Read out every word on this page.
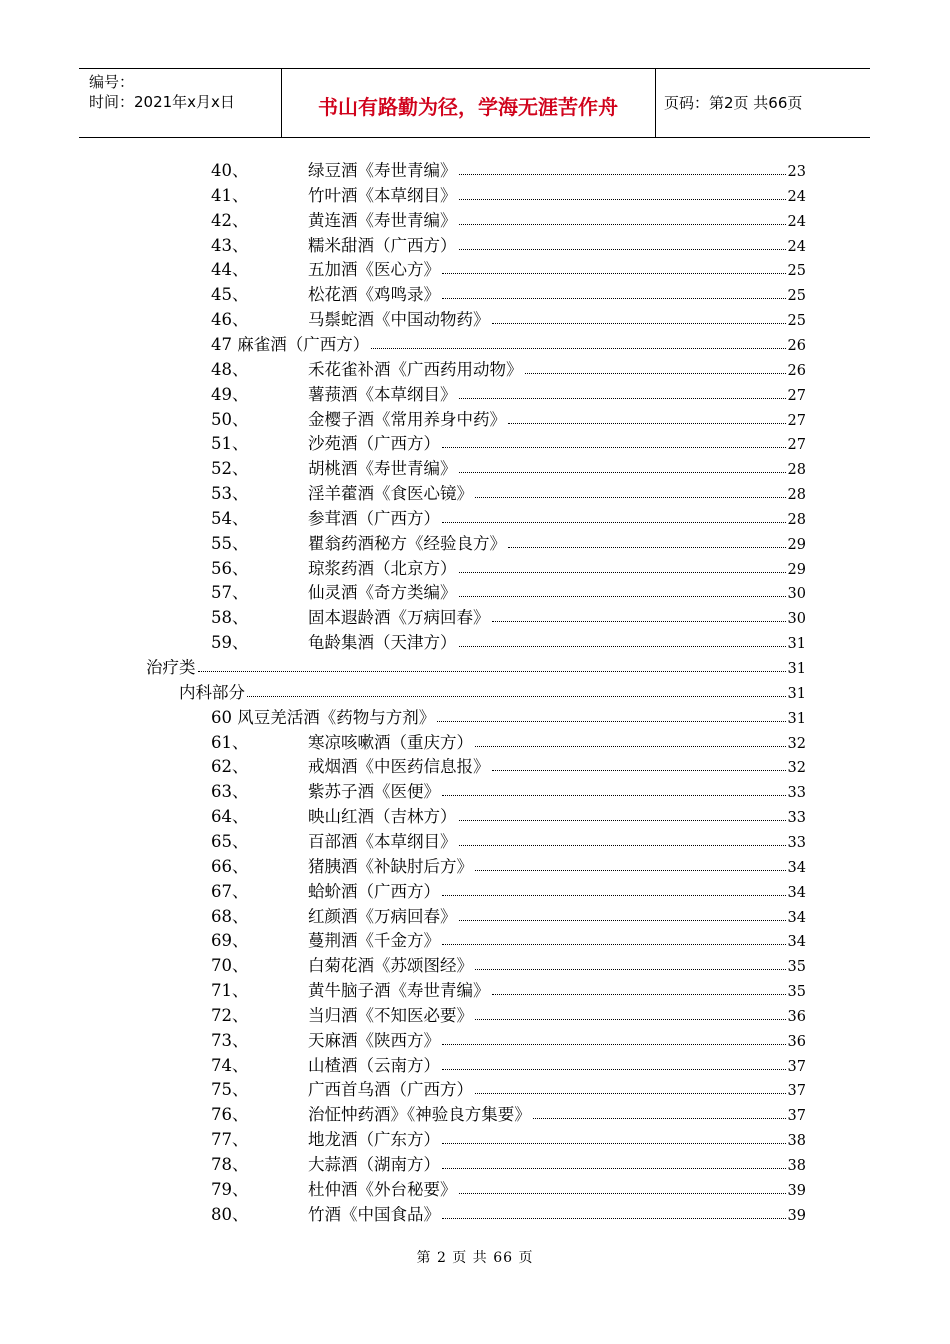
编号：
时间：2021年x月x日	书山有路勤为径，学海无涯苦作舟	页码：第2页 共66页
40、	绿豆酒《寿世青编》	23
41、	竹叶酒《本草纲目》	24
42、	黄连酒《寿世青编》	24
43、	糯米甜酒（广西方）	24
44、	五加酒《医心方》	25
45、	松花酒《鸡鸣录》	25
46、	马鬃蛇酒《中国动物药》	25
47 麻雀酒（广西方）	26
48、	禾花雀补酒《广西药用动物》	26
49、	薯蓣酒《本草纲目》	27
50、	金樱子酒《常用养身中药》	27
51、	沙苑酒（广西方）	27
52、	胡桃酒《寿世青编》	28
53、	淫羊藿酒《食医心镜》	28
54、	参茸酒（广西方）	28
55、	瞿翁药酒秘方《经验良方》	29
56、	琼浆药酒（北京方）	29
57、	仙灵酒《奇方类编》	30
58、	固本遐龄酒《万病回春》	30
59、	龟龄集酒（天津方）	31
治疗类	31
内科部分	31
60 风豆羌活酒《药物与方剂》	31
61、	寒凉咳嗽酒（重庆方）	32
62、	戒烟酒《中医药信息报》	32
63、	紫苏子酒《医便》	33
64、	映山红酒（吉林方）	33
65、	百部酒《本草纲目》	33
66、	猪胰酒《补缺肘后方》	34
67、	蛤蚧酒（广西方）	34
68、	红颜酒《万病回春》	34
69、	蔓荆酒《千金方》	34
70、	白菊花酒《苏颂图经》	35
71、	黄牛脑子酒《寿世青编》	35
72、	当归酒《不知医必要》	36
73、	天麻酒《陕西方》	36
74、	山楂酒（云南方）	37
75、	广西首乌酒（广西方）	37
76、	治怔忡药酒》《神验良方集要》	37
77、	地龙酒（广东方）	38
78、	大蒜酒（湖南方）	38
79、	杜仲酒《外台秘要》	39
80、	竹酒《中国食品》	39
第 2 页 共 66 页
